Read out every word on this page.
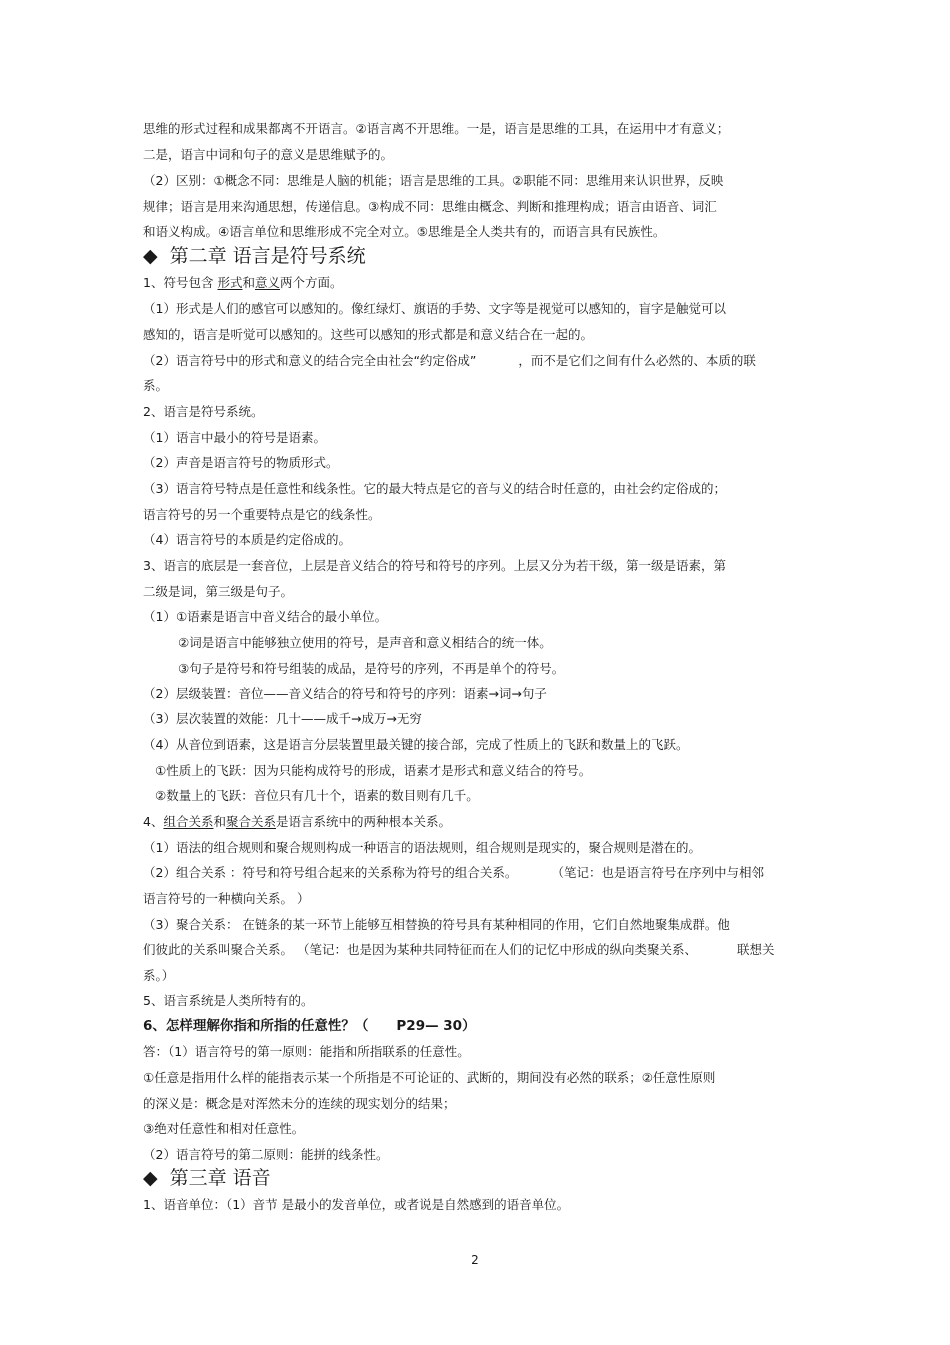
思维的形式过程和成果都离不开语言。②语言离不开思维。一是，语言是思维的工具，在运用中才有意义；
二是，语言中词和句子的意义是思维赋予的。
（2）区别：①概念不同：思维是人脑的机能；语言是思维的工具。②职能不同：思维用来认识世界，反映
规律；语言是用来沟通思想，传递信息。③构成不同：思维由概念、判断和推理构成；语言由语音、词汇
和语义构成。④语言单位和思维形成不完全对立。⑤思维是全人类共有的，而语言具有民族性。
◆ 第二章 语言是符号系统
1、符号包含 形式和意义两个方面。
（1）形式是人们的感官可以感知的。像红绿灯、旗语的手势、文字等是视觉可以感知的，盲字是触觉可以
感知的，语言是听觉可以感知的。这些可以感知的形式都是和意义结合在一起的。
（2）语言符号中的形式和意义的结合完全由社会“约定俗成”	，而不是它们之间有什么必然的、本质的联
系。
2、语言是符号系统。
（1）语言中最小的符号是语素。
（2）声音是语言符号的物质形式。
（3）语言符号特点是任意性和线条性。它的最大特点是它的音与义的结合时任意的，由社会约定俗成的；
语言符号的另一个重要特点是它的线条性。
（4）语言符号的本质是约定俗成的。
3、语言的底层是一套音位，上层是音义结合的符号和符号的序列。上层又分为若干级，第一级是语素，第
二级是词，第三级是句子。
（1）①语素是语言中音义结合的最小单位。
②词是语言中能够独立使用的符号，是声音和意义相结合的统一体。
③句子是符号和符号组装的成品，是符号的序列，不再是单个的符号。
（2）层级装置：音位——音义结合的符号和符号的序列：语素→词→句子
（3）层次装置的效能：几十——成千→成万→无穷
（4）从音位到语素，这是语言分层装置里最关键的接合部，完成了性质上的飞跃和数量上的飞跃。
①性质上的飞跃：因为只能构成符号的形成，语素才是形式和意义结合的符号。
②数量上的飞跃：音位只有几十个，语素的数目则有几千。
4、组合关系和聚合关系是语言系统中的两种根本关系。
（1）语法的组合规则和聚合规则构成一种语言的语法规则，组合规则是现实的，聚合规则是潜在的。
（2）组合关系 ：符号和符号组合起来的关系称为符号的组合关系。	（笔记：也是语言符号在序列中与相邻
语言符号的一种横向关系。 ）
（3）聚合关系： 在链条的某一环节上能够互相替换的符号具有某种相同的作用，它们自然地聚集成群。他
们彼此的关系叫聚合关系。 （笔记：也是因为某种共同特征而在人们的记忆中形成的纵向类聚关系、	联想关
系。）
5、语言系统是人类所特有的。
6、怎样理解你指和所指的任意性？（ P29— 30）
答：（1）语言符号的第一原则：能指和所指联系的任意性。
①任意是指用什么样的能指表示某一个所指是不可论证的、武断的，期间没有必然的联系；②任意性原则
的深义是：概念是对浑然未分的连续的现实划分的结果；
③绝对任意性和相对任意性。
（2）语言符号的第二原则：能拼的线条性。
◆ 第三章 语音
1、语音单位：（1）音节 是最小的发音单位，或者说是自然感到的语音单位。
2
